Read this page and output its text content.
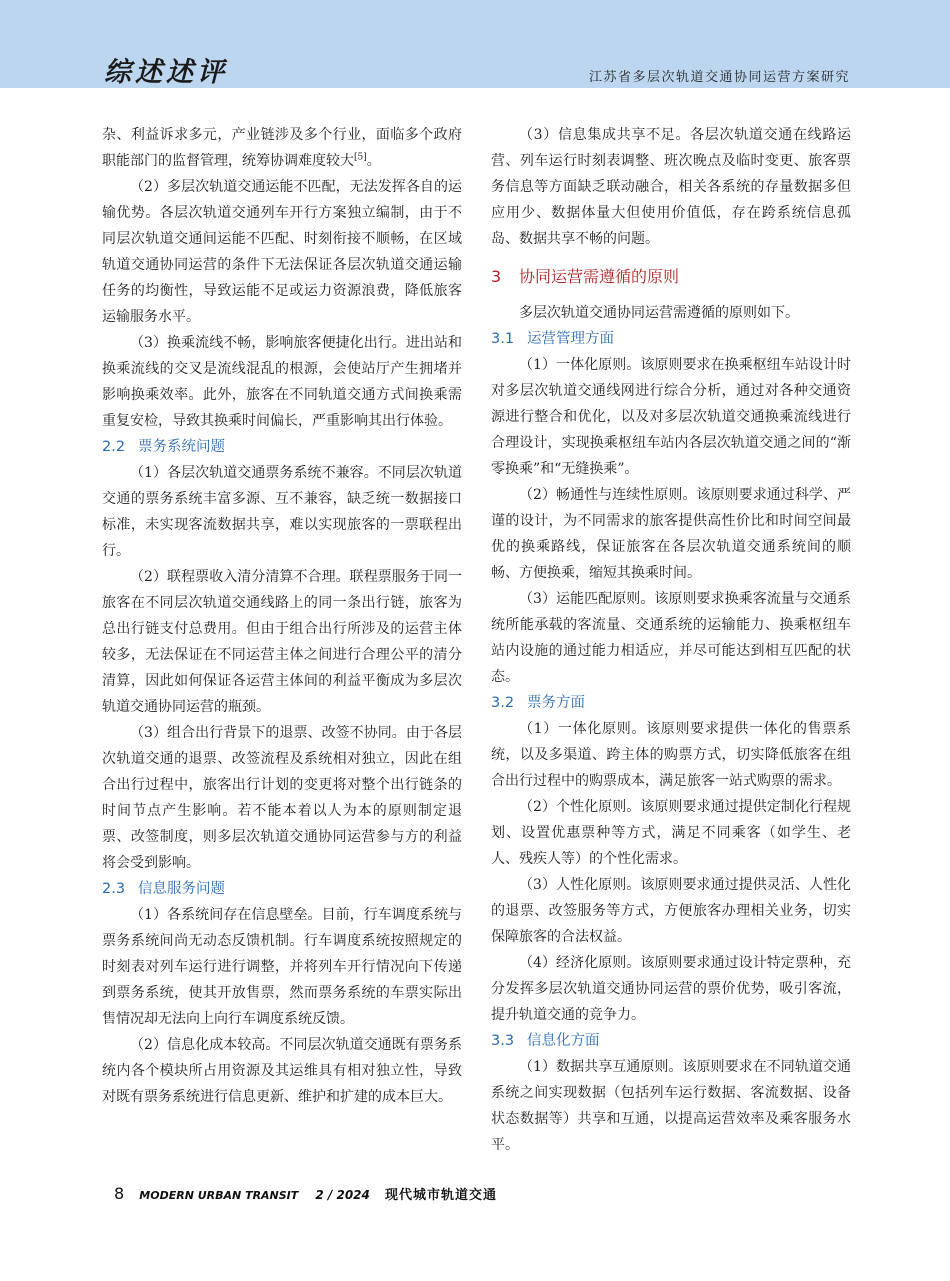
综述述评	江苏省多层次轨道交通协同运营方案研究

杂、利益诉求多元，产业链涉及多个行业，面临多个政府职能部门的监督管理，统筹协调难度较大[5]。

（2）多层次轨道交通运能不匹配，无法发挥各自的运输优势。各层次轨道交通列车开行方案独立编制，由于不同层次轨道交通间运能不匹配、时刻衔接不顺畅，在区域轨道交通协同运营的条件下无法保证各层次轨道交通运输任务的均衡性，导致运能不足或运力资源浪费，降低旅客运输服务水平。

（3）换乘流线不畅，影响旅客便捷化出行。进出站和换乘流线的交叉是流线混乱的根源，会使站厅产生拥堵并影响换乘效率。此外，旅客在不同轨道交通方式间换乘需重复安检，导致其换乘时间偏长，严重影响其出行体验。

2.2 票务系统问题

（1）各层次轨道交通票务系统不兼容。不同层次轨道交通的票务系统丰富多源、互不兼容，缺乏统一数据接口标准，未实现客流数据共享，难以实现旅客的一票联程出行。

（2）联程票收入清分清算不合理。联程票服务于同一旅客在不同层次轨道交通线路上的同一条出行链，旅客为总出行链支付总费用。但由于组合出行所涉及的运营主体较多，无法保证在不同运营主体之间进行合理公平的清分清算，因此如何保证各运营主体间的利益平衡成为多层次轨道交通协同运营的瓶颈。

（3）组合出行背景下的退票、改签不协同。由于各层次轨道交通的退票、改签流程及系统相对独立，因此在组合出行过程中，旅客出行计划的变更将对整个出行链条的时间节点产生影响。若不能本着以人为本的原则制定退票、改签制度，则多层次轨道交通协同运营参与方的利益将会受到影响。

2.3 信息服务问题

（1）各系统间存在信息壁垒。目前，行车调度系统与票务系统间尚无动态反馈机制。行车调度系统按照规定的时刻表对列车运行进行调整，并将列车开行情况向下传递到票务系统，使其开放售票，然而票务系统的车票实际出售情况却无法向上向行车调度系统反馈。

（2）信息化成本较高。不同层次轨道交通既有票务系统内各个模块所占用资源及其运维具有相对独立性，导致对既有票务系统进行信息更新、维护和扩建的成本巨大。

（3）信息集成共享不足。各层次轨道交通在线路运营、列车运行时刻表调整、班次晚点及临时变更、旅客票务信息等方面缺乏联动融合，相关各系统的存量数据多但应用少、数据体量大但使用价值低，存在跨系统信息孤岛、数据共享不畅的问题。

3 协同运营需遵循的原则

多层次轨道交通协同运营需遵循的原则如下。

3.1 运营管理方面

（1）一体化原则。该原则要求在换乘枢纽车站设计时对多层次轨道交通线网进行综合分析，通过对各种交通资源进行整合和优化，以及对多层次轨道交通换乘流线进行合理设计，实现换乘枢纽车站内各层次轨道交通之间的“渐零换乘”和“无缝换乘”。

（2）畅通性与连续性原则。该原则要求通过科学、严谨的设计，为不同需求的旅客提供高性价比和时间空间最优的换乘路线，保证旅客在各层次轨道交通系统间的顺畅、方便换乘，缩短其换乘时间。

（3）运能匹配原则。该原则要求换乘客流量与交通系统所能承载的客流量、交通系统的运输能力、换乘枢纽车站内设施的通过能力相适应，并尽可能达到相互匹配的状态。

3.2 票务方面

（1）一体化原则。该原则要求提供一体化的售票系统，以及多渠道、跨主体的购票方式，切实降低旅客在组合出行过程中的购票成本，满足旅客一站式购票的需求。

（2）个性化原则。该原则要求通过提供定制化行程规划、设置优惠票种等方式，满足不同乘客（如学生、老人、残疾人等）的个性化需求。

（3）人性化原则。该原则要求通过提供灵活、人性化的退票、改签服务等方式，方便旅客办理相关业务，切实保障旅客的合法权益。

（4）经济化原则。该原则要求通过设计特定票种，充分发挥多层次轨道交通协同运营的票价优势，吸引客流，提升轨道交通的竞争力。

3.3 信息化方面

（1）数据共享互通原则。该原则要求在不同轨道交通系统之间实现数据（包括列车运行数据、客流数据、设备状态数据等）共享和互通，以提高运营效率及乘客服务水平。

8 MODERN URBAN TRANSIT 2 / 2024 现代城市轨道交通
